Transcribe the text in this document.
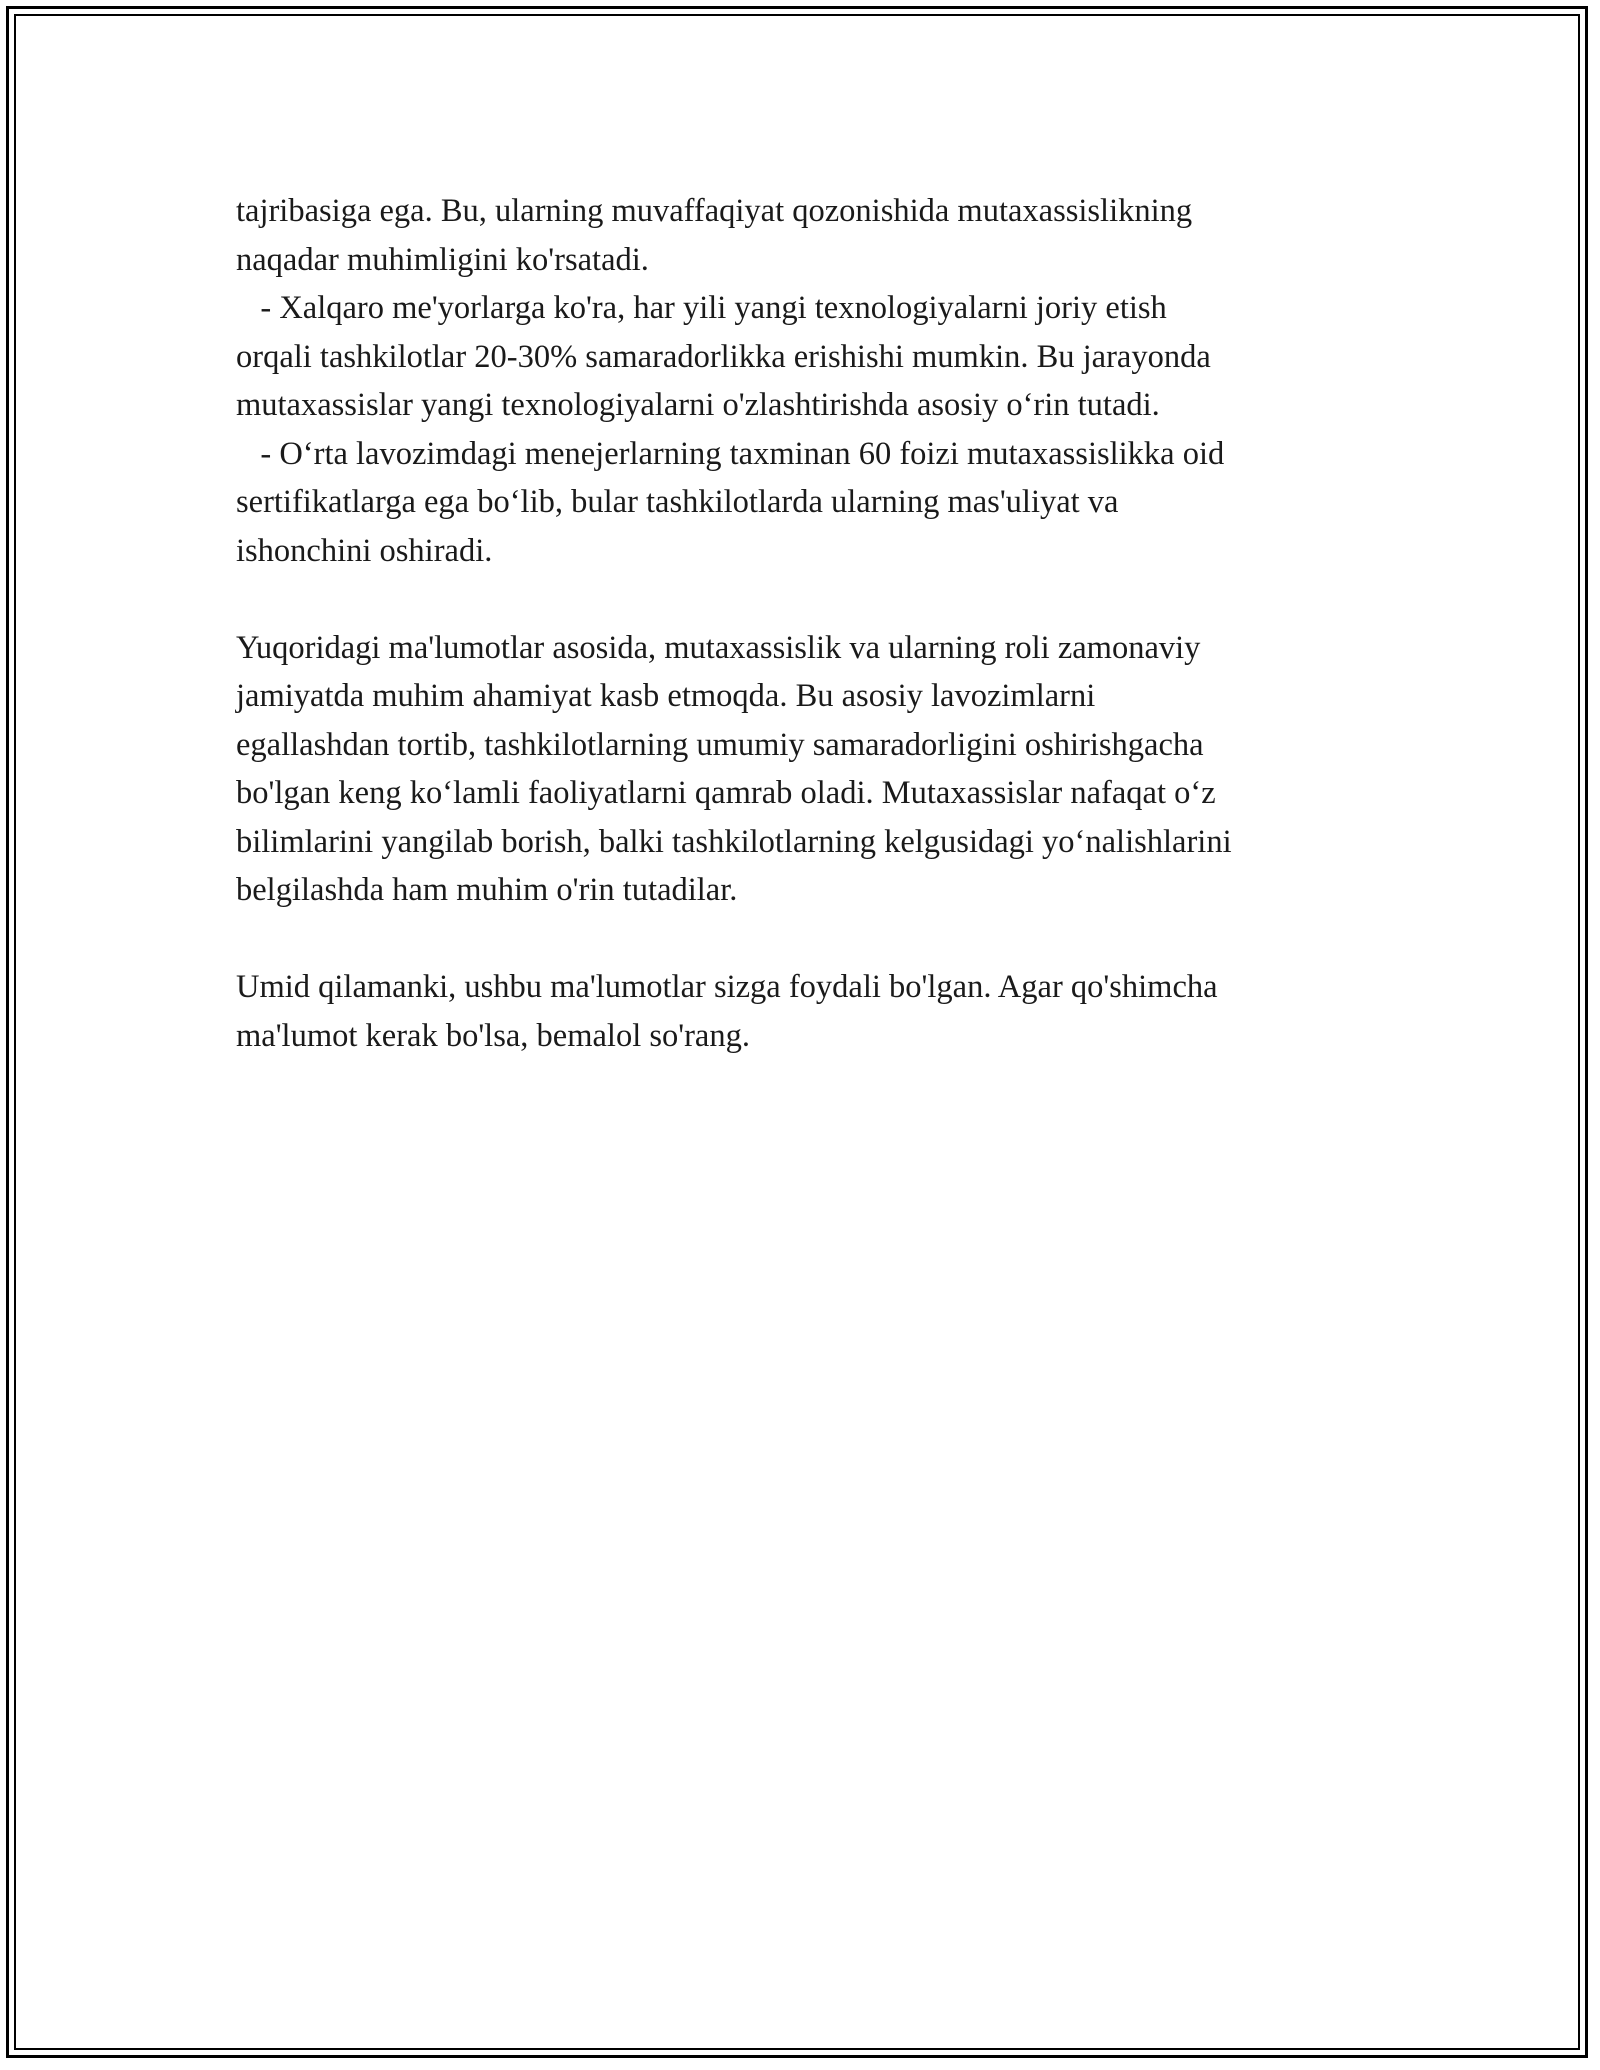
tajribasiga ega. Bu, ularning muvaffaqiyat qozonishida mutaxassislikning
naqadar muhimligini ko'rsatadi.
- Xalqaro me'yorlarga ko'ra, har yili yangi texnologiyalarni joriy etish
orqali tashkilotlar 20-30% samaradorlikka erishishi mumkin. Bu jarayonda
mutaxassislar yangi texnologiyalarni o'zlashtirishda asosiy o‘rin tutadi.
- O‘rta lavozimdagi menejerlarning taxminan 60 foizi mutaxassislikka oid
sertifikatlarga ega bo‘lib, bular tashkilotlarda ularning mas'uliyat va
ishonchini oshiradi.
Yuqoridagi ma'lumotlar asosida, mutaxassislik va ularning roli zamonaviy
jamiyatda muhim ahamiyat kasb etmoqda. Bu asosiy lavozimlarni
egallashdan tortib, tashkilotlarning umumiy samaradorligini oshirishgacha
bo'lgan keng ko‘lamli faoliyatlarni qamrab oladi. Mutaxassislar nafaqat o‘z
bilimlarini yangilab borish, balki tashkilotlarning kelgusidagi yo‘nalishlarini
belgilashda ham muhim o'rin tutadilar.
Umid qilamanki, ushbu ma'lumotlar sizga foydali bo'lgan. Agar qo'shimcha
ma'lumot kerak bo'lsa, bemalol so'rang.
